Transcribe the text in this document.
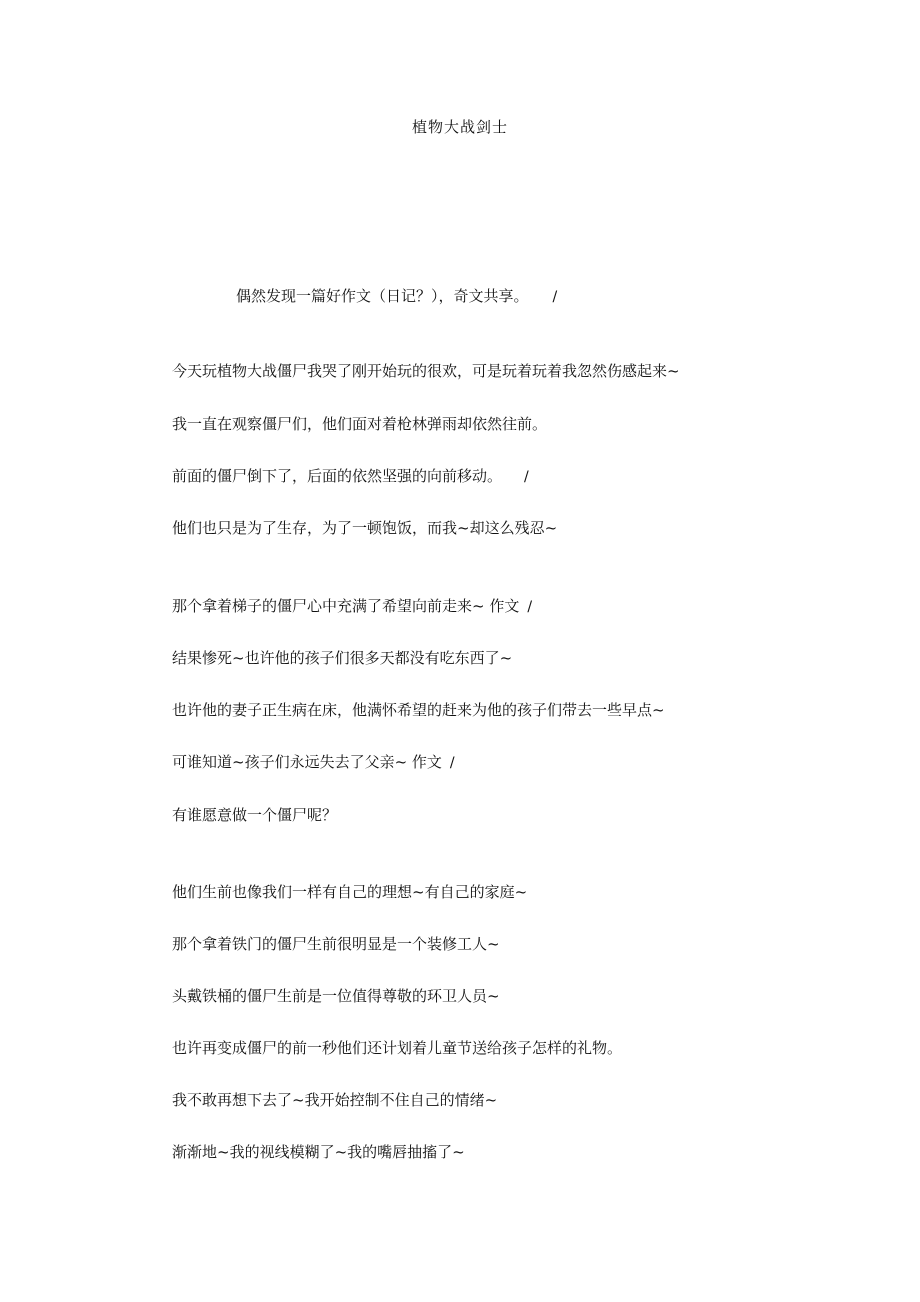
植物大战剑士
偶然发现一篇好作文（日记？），奇文共享。 /
今天玩植物大战僵尸我哭了刚开始玩的很欢，可是玩着玩着我忽然伤感起来~
我一直在观察僵尸们，他们面对着枪林弹雨却依然往前。
前面的僵尸倒下了，后面的依然坚强的向前移动。 /
他们也只是为了生存，为了一顿饱饭，而我~却这么残忍~
那个拿着梯子的僵尸心中充满了希望向前走来~ 作文 /
结果惨死~也许他的孩子们很多天都没有吃东西了~
也许他的妻子正生病在床，他满怀希望的赶来为他的孩子们带去一些早点~
可谁知道~孩子们永远失去了父亲~ 作文 /
有谁愿意做一个僵尸呢？
他们生前也像我们一样有自己的理想~有自己的家庭~
那个拿着铁门的僵尸生前很明显是一个装修工人~
头戴铁桶的僵尸生前是一位值得尊敬的环卫人员~
也许再变成僵尸的前一秒他们还计划着儿童节送给孩子怎样的礼物。
我不敢再想下去了~我开始控制不住自己的情绪~
渐渐地~我的视线模糊了~我的嘴唇抽搐了~
